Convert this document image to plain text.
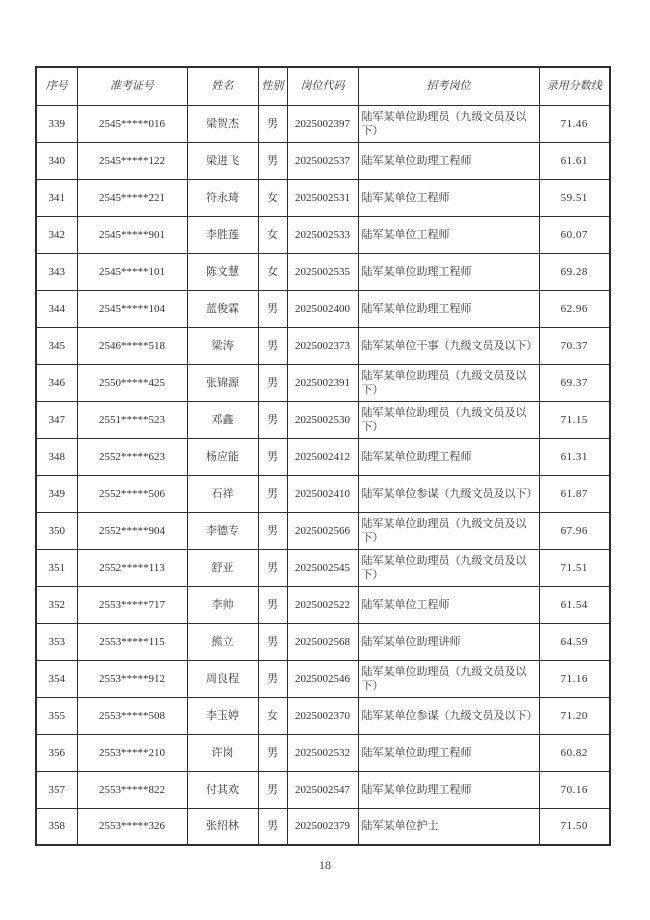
序号	准考证号	姓名	性别	岗位代码	招考岗位	录用分数线
339	2545*****016	梁贺杰	男	2025002397	陆军某单位助理员（九级文员及以下）	71.46
340	2545*****122	梁进飞	男	2025002537	陆军某单位助理工程师	61.61
341	2545*****221	符永琦	女	2025002531	陆军某单位工程师	59.51
342	2545*****901	李胜莲	女	2025002533	陆军某单位工程师	60.07
343	2545*****101	陈文慧	女	2025002535	陆军某单位助理工程师	69.28
344	2545*****104	蓝俊霖	男	2025002400	陆军某单位助理工程师	62.96
345	2546*****518	梁涛	男	2025002373	陆军某单位干事（九级文员及以下）	70.37
346	2550*****425	张锦源	男	2025002391	陆军某单位助理员（九级文员及以下）	69.37
347	2551*****523	邓鑫	男	2025002530	陆军某单位助理员（九级文员及以下）	71.15
348	2552*****623	杨应能	男	2025002412	陆军某单位助理工程师	61.31
349	2552*****506	石祥	男	2025002410	陆军某单位参谋（九级文员及以下）	61.87
350	2552*****904	李德专	男	2025002566	陆军某单位助理员（九级文员及以下）	67.96
351	2552*****113	舒亚	男	2025002545	陆军某单位助理员（九级文员及以下）	71.51
352	2553*****717	李帅	男	2025002522	陆军某单位工程师	61.54
353	2553*****115	熊立	男	2025002568	陆军某单位助理讲师	64.59
354	2553*****912	周良程	男	2025002546	陆军某单位助理员（九级文员及以下）	71.16
355	2553*****508	李玉婷	女	2025002370	陆军某单位参谋（九级文员及以下）	71.20
356	2553*****210	许岗	男	2025002532	陆军某单位助理工程师	60.82
357	2553*****822	付其欢	男	2025002547	陆军某单位助理工程师	70.16
358	2553*****326	张绍林	男	2025002379	陆军某单位护士	71.50
18
